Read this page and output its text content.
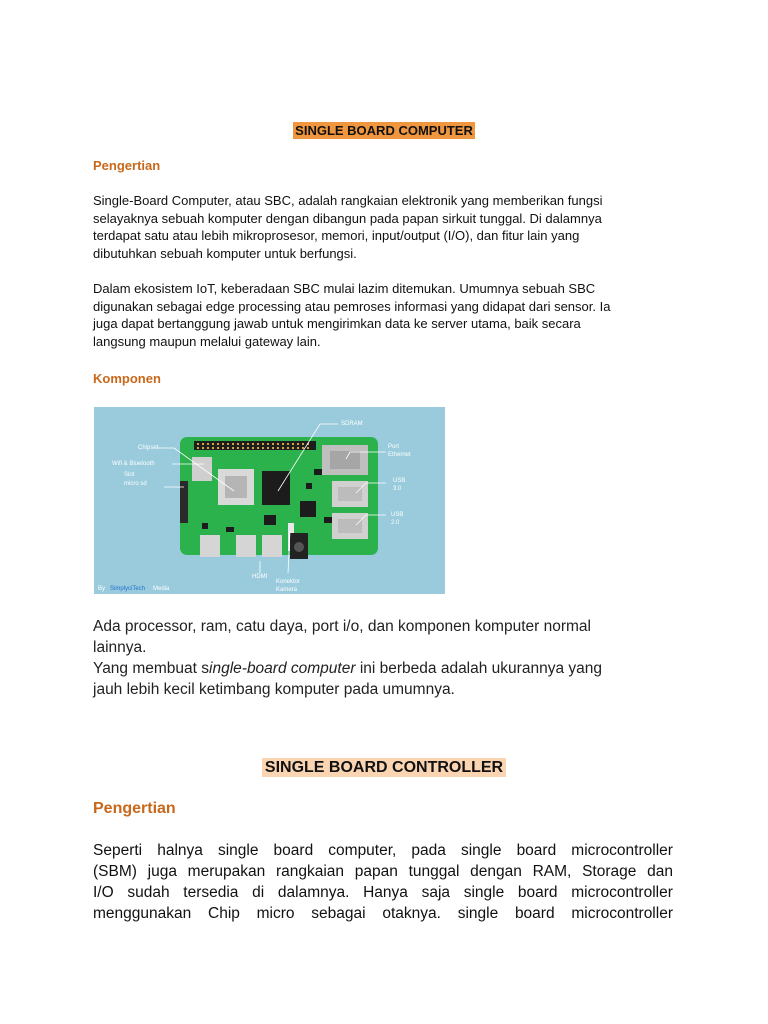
SINGLE BOARD COMPUTER
Pengertian
Single-Board Computer, atau SBC, adalah rangkaian elektronik yang memberikan fungsi
selayaknya sebuah komputer dengan dibangun pada papan sirkuit tunggal. Di dalamnya
terdapat satu atau lebih mikroprosesor, memori, input/output (I/O), dan fitur lain yang
dibutuhkan sebuah komputer untuk berfungsi.
Dalam ekosistem IoT, keberadaan SBC mulai lazim ditemukan. Umumnya sebuah SBC
digunakan sebagai edge processing atau pemroses informasi yang didapat dari sensor. Ia
juga dapat bertanggung jawab untuk mengirimkan data ke server utama, baik secara
langsung maupun melalui gateway lain.
Komponen
SDRAM
Chipset
Wifi & Bluetooth
Slot
micro sd
Port
Ethernet
USB
3.0
USB
2.0
HDMI
Konektor
Kamera
By SimplyciTech Media
Ada processor, ram, catu daya, port i/o, dan komponen komputer normal
lainnya.
Yang membuat single-board computer ini berbeda adalah ukurannya yang
jauh lebih kecil ketimbang komputer pada umumnya.
SINGLE BOARD CONTROLLER
Pengertian
Seperti halnya single board computer, pada single board microcontroller
(SBM) juga merupakan rangkaian papan tunggal dengan RAM, Storage dan
I/O sudah tersedia di dalamnya. Hanya saja single board microcontroller
menggunakan Chip micro sebagai otaknya. single board microcontroller
